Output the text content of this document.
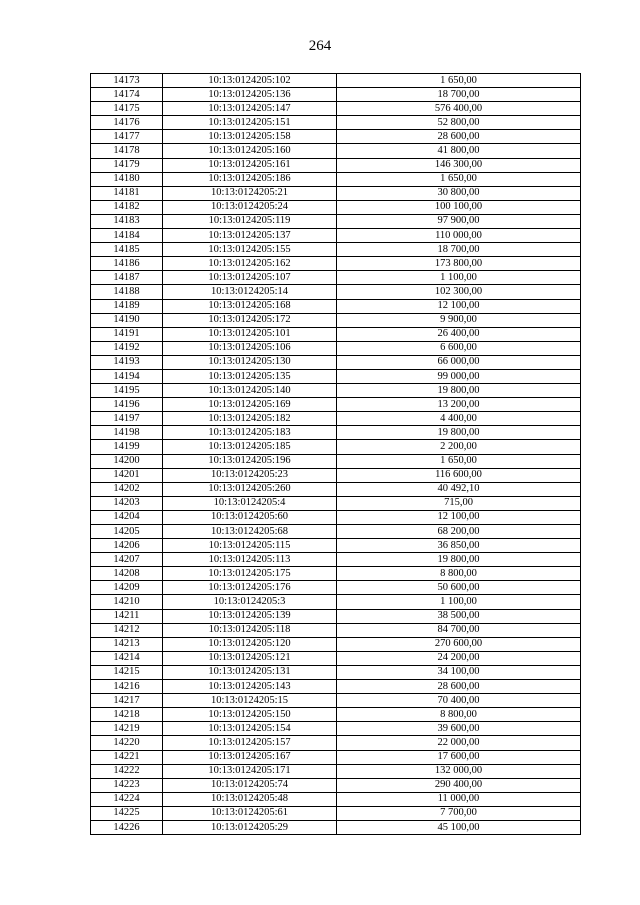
264
14173	10:13:0124205:102	1 650,00
14174	10:13:0124205:136	18 700,00
14175	10:13:0124205:147	576 400,00
14176	10:13:0124205:151	52 800,00
14177	10:13:0124205:158	28 600,00
14178	10:13:0124205:160	41 800,00
14179	10:13:0124205:161	146 300,00
14180	10:13:0124205:186	1 650,00
14181	10:13:0124205:21	30 800,00
14182	10:13:0124205:24	100 100,00
14183	10:13:0124205:119	97 900,00
14184	10:13:0124205:137	110 000,00
14185	10:13:0124205:155	18 700,00
14186	10:13:0124205:162	173 800,00
14187	10:13:0124205:107	1 100,00
14188	10:13:0124205:14	102 300,00
14189	10:13:0124205:168	12 100,00
14190	10:13:0124205:172	9 900,00
14191	10:13:0124205:101	26 400,00
14192	10:13:0124205:106	6 600,00
14193	10:13:0124205:130	66 000,00
14194	10:13:0124205:135	99 000,00
14195	10:13:0124205:140	19 800,00
14196	10:13:0124205:169	13 200,00
14197	10:13:0124205:182	4 400,00
14198	10:13:0124205:183	19 800,00
14199	10:13:0124205:185	2 200,00
14200	10:13:0124205:196	1 650,00
14201	10:13:0124205:23	116 600,00
14202	10:13:0124205:260	40 492,10
14203	10:13:0124205:4	715,00
14204	10:13:0124205:60	12 100,00
14205	10:13:0124205:68	68 200,00
14206	10:13:0124205:115	36 850,00
14207	10:13:0124205:113	19 800,00
14208	10:13:0124205:175	8 800,00
14209	10:13:0124205:176	50 600,00
14210	10:13:0124205:3	1 100,00
14211	10:13:0124205:139	38 500,00
14212	10:13:0124205:118	84 700,00
14213	10:13:0124205:120	270 600,00
14214	10:13:0124205:121	24 200,00
14215	10:13:0124205:131	34 100,00
14216	10:13:0124205:143	28 600,00
14217	10:13:0124205:15	70 400,00
14218	10:13:0124205:150	8 800,00
14219	10:13:0124205:154	39 600,00
14220	10:13:0124205:157	22 000,00
14221	10:13:0124205:167	17 600,00
14222	10:13:0124205:171	132 000,00
14223	10:13:0124205:74	290 400,00
14224	10:13:0124205:48	11 000,00
14225	10:13:0124205:61	7 700,00
14226	10:13:0124205:29	45 100,00
